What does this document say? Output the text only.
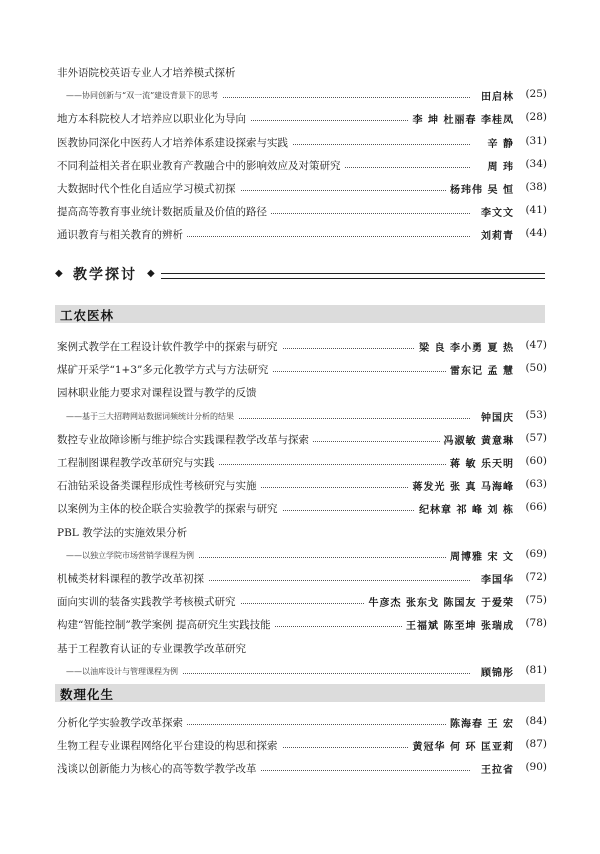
非外语院校英语专业人才培养模式探析
——协同创新与“双一流”建设背景下的思考	田启林 (25)
地方本科院校人才培养应以职业化为导向	李 坤 杜丽春 李桂凤 (28)
医教协同深化中医药人才培养体系建设探索与实践	辛 静 (31)
不同利益相关者在职业教育产教融合中的影响效应及对策研究	周 玮 (34)
大数据时代个性化自适应学习模式初探	杨玮伟 吴 恒 (38)
提高高等教育事业统计数据质量及价值的路径	李文文 (41)
通识教育与相关教育的辨析	刘莉青 (44)
◆ 教学探讨 ◆
工农医林
案例式教学在工程设计软件教学中的探索与研究	梁 良 李小勇 夏 热 (47)
煤矿开采学“1+3”多元化教学方式与方法研究	雷东记 孟 慧 (50)
园林职业能力要求对课程设置与教学的反馈
——基于三大招聘网站数据词频统计分析的结果	钟国庆 (53)
数控专业故障诊断与维护综合实践课程教学改革与探索	冯淑敏 黄意琳 (57)
工程制图课程教学改革研究与实践	蒋 敏 乐天明 (60)
石油钻采设备类课程形成性考核研究与实施	蒋发光 张 真 马海峰 (63)
以案例为主体的校企联合实验教学的探索与研究	纪林章 祁 峰 刘 栋 (66)
PBL 教学法的实施效果分析
——以独立学院市场营销学课程为例	周博雅 宋 文 (69)
机械类材料课程的教学改革初探	李国华 (72)
面向实训的装备实践教学考核模式研究	牛彦杰 张东戈 陈国友 于爱荣 (75)
构建“智能控制”教学案例 提高研究生实践技能	王福斌 陈至坤 张瑞成 (78)
基于工程教育认证的专业课教学改革研究
——以油库设计与管理课程为例	顾锦彤 (81)
数理化生
分析化学实验教学改革探索	陈海春 王 宏 (84)
生物工程专业课程网络化平台建设的构思和探索	黄冠华 何 环 匡亚莉 (87)
浅谈以创新能力为核心的高等数学教学改革	王拉省 (90)
